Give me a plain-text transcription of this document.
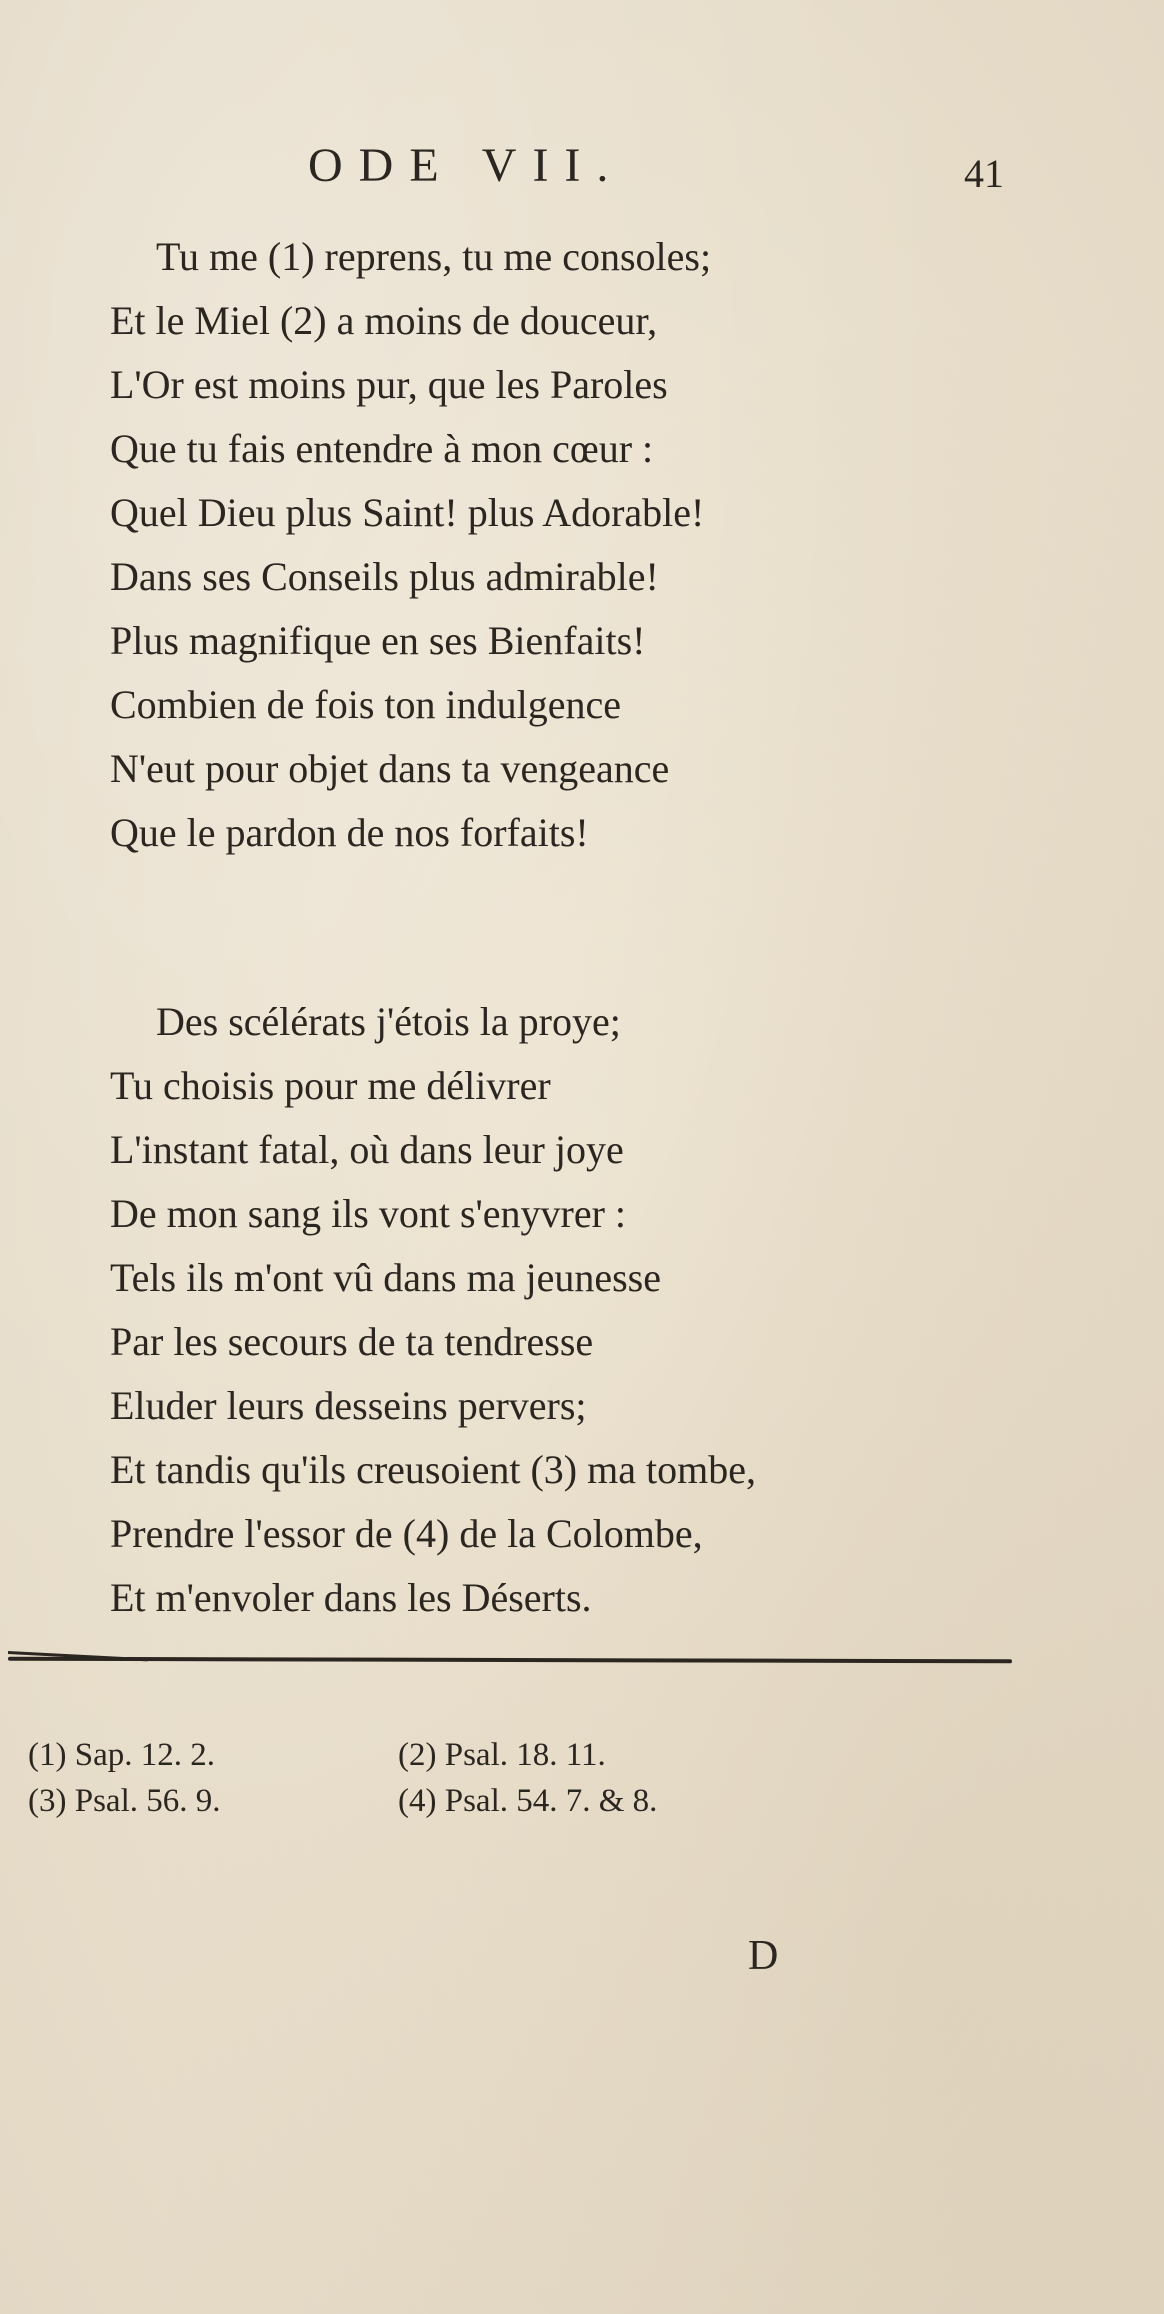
ODE VII.	41
Tu me (1) reprens, tu me consoles;
Et le Miel (2) a moins de douceur,
L'Or est moins pur, que les Paroles
Que tu fais entendre à mon cœur :
Quel Dieu plus Saint! plus Adorable!
Dans ses Conseils plus admirable!
Plus magnifique en ses Bienfaits!
Combien de fois ton indulgence
N'eut pour objet dans ta vengeance
Que le pardon de nos forfaits!
Des scélérats j'étois la proye;
Tu choisis pour me délivrer
L'instant fatal, où dans leur joye
De mon sang ils vont s'enyvrer :
Tels ils m'ont vû dans ma jeunesse
Par les secours de ta tendresse
Eluder leurs desseins pervers;
Et tandis qu'ils creusoient (3) ma tombe,
Prendre l'essor de (4) de la Colombe,
Et m'envoler dans les Déserts.
(1) Sap. 12. 2.	(2) Psal. 18. 11.
(3) Psal. 56. 9.	(4) Psal. 54. 7. & 8.
D
